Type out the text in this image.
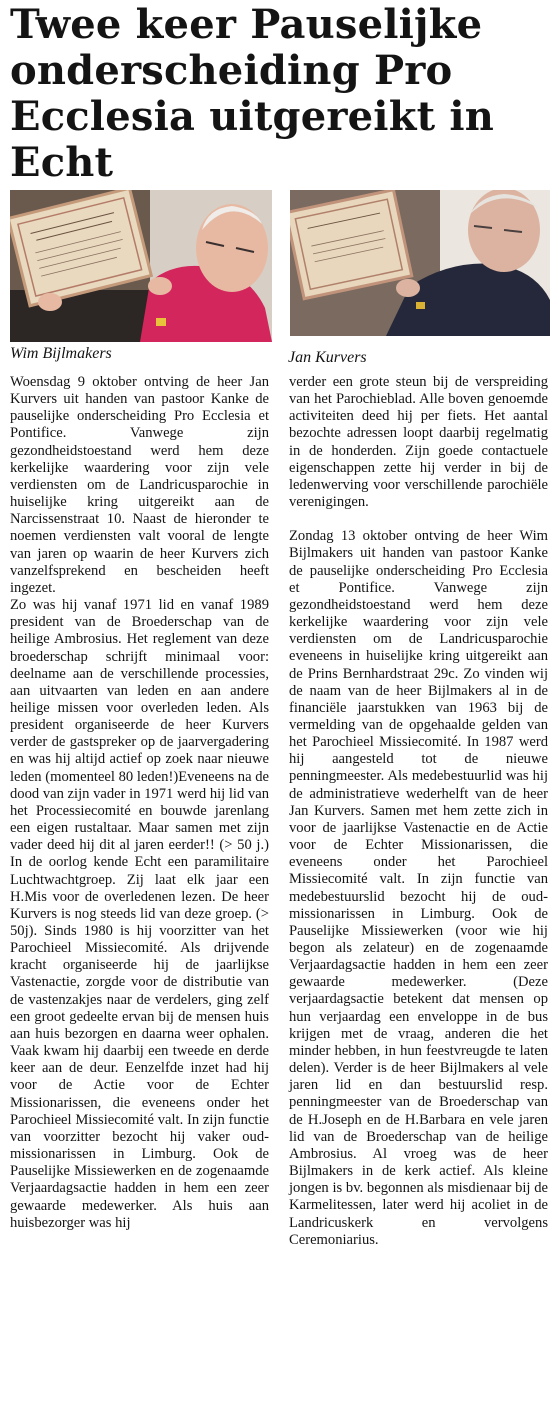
Twee keer Pauselijke onderscheiding Pro Ecclesia uitgereikt in Echt
Wim Bijlmakers	Jan Kurvers

Woensdag 9 oktober ontving de heer Jan Kurvers uit handen van pastoor Kanke de pauselijke onderscheiding Pro Ecclesia et Pontifice. Vanwege zijn gezondheidstoestand werd hem deze kerkelijke waardering voor zijn vele verdiensten om de Landricusparochie in huiselijke kring uitgereikt aan de Narcissenstraat 10. Naast de hieronder te noemen verdiensten valt vooral de lengte van jaren op waarin de heer Kurvers zich vanzelfsprekend en bescheiden heeft ingezet.

Zo was hij vanaf 1971 lid en vanaf 1989 president van de Broederschap van de heilige Ambrosius. Het reglement van deze broederschap schrijft minimaal voor: deelname aan de verschillende processies, aan uitvaarten van leden en aan andere heilige missen voor overleden leden. Als president organiseerde de heer Kurvers verder de gastspreker op de jaarvergadering en was hij altijd actief op zoek naar nieuwe leden (momenteel 80 leden!)Eveneens na de dood van zijn vader in 1971 werd hij lid van het Processiecomité en bouwde jarenlang een eigen rustaltaar. Maar samen met zijn vader deed hij dit al jaren eerder!! (> 50 j.) In de oorlog kende Echt een paramilitaire Luchtwachtgroep. Zij laat elk jaar een H.Mis voor de overledenen lezen. De heer Kurvers is nog steeds lid van deze groep. (> 50j). Sinds 1980 is hij voorzitter van het Parochieel Missiecomité. Als drijvende kracht organiseerde hij de jaarlijkse Vastenactie, zorgde voor de distributie van de vastenzakjes naar de verdelers, ging zelf een groot gedeelte ervan bij de mensen huis aan huis bezorgen en daarna weer ophalen. Vaak kwam hij daarbij een tweede en derde keer aan de deur. Eenzelfde inzet had hij voor de Actie voor de Echter Missionarissen, die eveneens onder het Parochieel Missiecomité valt. In zijn functie van voorzitter bezocht hij vaker oud-missionarissen in Limburg. Ook de Pauselijke Missiewerken en de zogenaamde Verjaardagsactie hadden in hem een zeer gewaarde medewerker. Als huis aan huisbezorger was hij

verder een grote steun bij de verspreiding van het Parochieblad. Alle boven genoemde activiteiten deed hij per fiets. Het aantal bezochte adressen loopt daarbij regelmatig in de honderden. Zijn goede contactuele eigenschappen zette hij verder in bij de ledenwerving voor verschillende parochiële verenigingen.

Zondag 13 oktober ontving de heer Wim Bijlmakers uit handen van pastoor Kanke de pauselijke onderscheiding Pro Ecclesia et Pontifice. Vanwege zijn gezondheidstoestand werd hem deze kerkelijke waardering voor zijn vele verdiensten om de Landricusparochie eveneens in huiselijke kring uitgereikt aan de Prins Bernhardstraat 29c. Zo vinden wij de naam van de heer Bijlmakers al in de financiële jaarstukken van 1963 bij de vermelding van de opgehaalde gelden van het Parochieel Missiecomité. In 1987 werd hij aangesteld tot de nieuwe penningmeester. Als medebestuurlid was hij de administratieve wederhelft van de heer Jan Kurvers. Samen met hem zette zich in voor de jaarlijkse Vastenactie en de Actie voor de Echter Missionarissen, die eveneens onder het Parochieel Missiecomité valt. In zijn functie van medebestuurslid bezocht hij de oud-missionarissen in Limburg. Ook de Pauselijke Missiewerken (voor wie hij begon als zelateur) en de zogenaamde Verjaardagsactie hadden in hem een zeer gewaarde medewerker. (Deze verjaardagsactie betekent dat mensen op hun verjaardag een enveloppe in de bus krijgen met de vraag, anderen die het minder hebben, in hun feestvreugde te laten delen). Verder is de heer Bijlmakers al vele jaren lid en dan bestuurslid resp. penningmeester van de Broederschap van de H.Joseph en de H.Barbara en vele jaren lid van de Broederschap van de heilige Ambrosius. Al vroeg was de heer Bijlmakers in de kerk actief. Als kleine jongen is bv. begonnen als misdienaar bij de Karmelitessen, later werd hij acoliet in de Landricuskerk en vervolgens Ceremoniarius.
